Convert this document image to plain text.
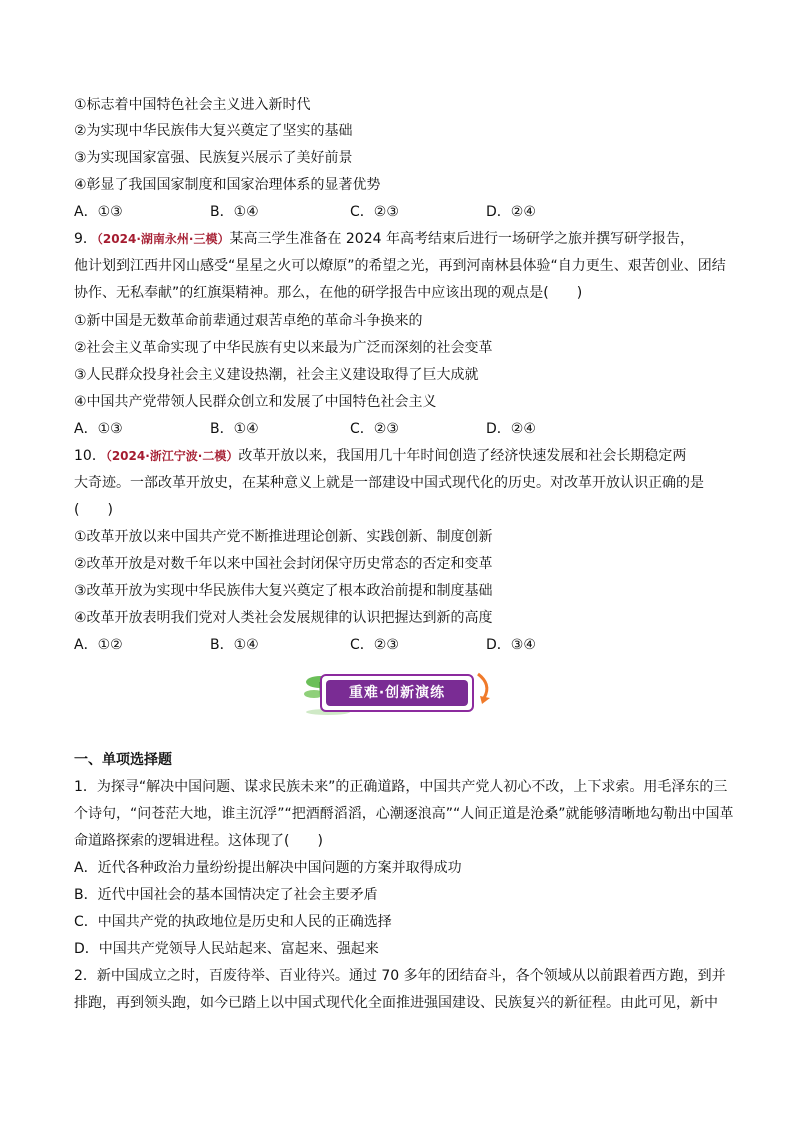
①标志着中国特色社会主义进入新时代
②为实现中华民族伟大复兴奠定了坚实的基础
③为实现国家富强、民族复兴展示了美好前景
④彰显了我国国家制度和国家治理体系的显著优势
A．①③	B．①④	C．②③	D．②④
9．（2024·湖南永州·三模）某高三学生准备在 2024 年高考结束后进行一场研学之旅并撰写研学报告，
他计划到江西井冈山感受“星星之火可以燎原”的希望之光，再到河南林县体验“自力更生、艰苦创业、团结
协作、无私奉献”的红旗渠精神。那么，在他的研学报告中应该出现的观点是(　　)
①新中国是无数革命前辈通过艰苦卓绝的革命斗争换来的
②社会主义革命实现了中华民族有史以来最为广泛而深刻的社会变革
③人民群众投身社会主义建设热潮，社会主义建设取得了巨大成就
④中国共产党带领人民群众创立和发展了中国特色社会主义
A．①③	B．①④	C．②③	D．②④
10．（2024·浙江宁波·二模）改革开放以来，我国用几十年时间创造了经济快速发展和社会长期稳定两
大奇迹。一部改革开放史，在某种意义上就是一部建设中国式现代化的历史。对改革开放认识正确的是
(　　)
①改革开放以来中国共产党不断推进理论创新、实践创新、制度创新
②改革开放是对数千年以来中国社会封闭保守历史常态的否定和变革
③改革开放为实现中华民族伟大复兴奠定了根本政治前提和制度基础
④改革开放表明我们党对人类社会发展规律的认识把握达到新的高度
A．①②	B．①④	C．②③	D．③④
重难·创新演练
一、单项选择题
1．为探寻“解决中国问题、谋求民族未来”的正确道路，中国共产党人初心不改，上下求索。用毛泽东的三
个诗句，“问苍茫大地，谁主沉浮”“把酒酹滔滔，心潮逐浪高”“人间正道是沧桑”就能够清晰地勾勒出中国革
命道路探索的逻辑进程。这体现了(　　)
A．近代各种政治力量纷纷提出解决中国问题的方案并取得成功
B．近代中国社会的基本国情决定了社会主要矛盾
C．中国共产党的执政地位是历史和人民的正确选择
D．中国共产党领导人民站起来、富起来、强起来
2．新中国成立之时，百废待举、百业待兴。通过 70 多年的团结奋斗，各个领域从以前跟着西方跑，到并
排跑，再到领头跑，如今已踏上以中国式现代化全面推进强国建设、民族复兴的新征程。由此可见，新中
